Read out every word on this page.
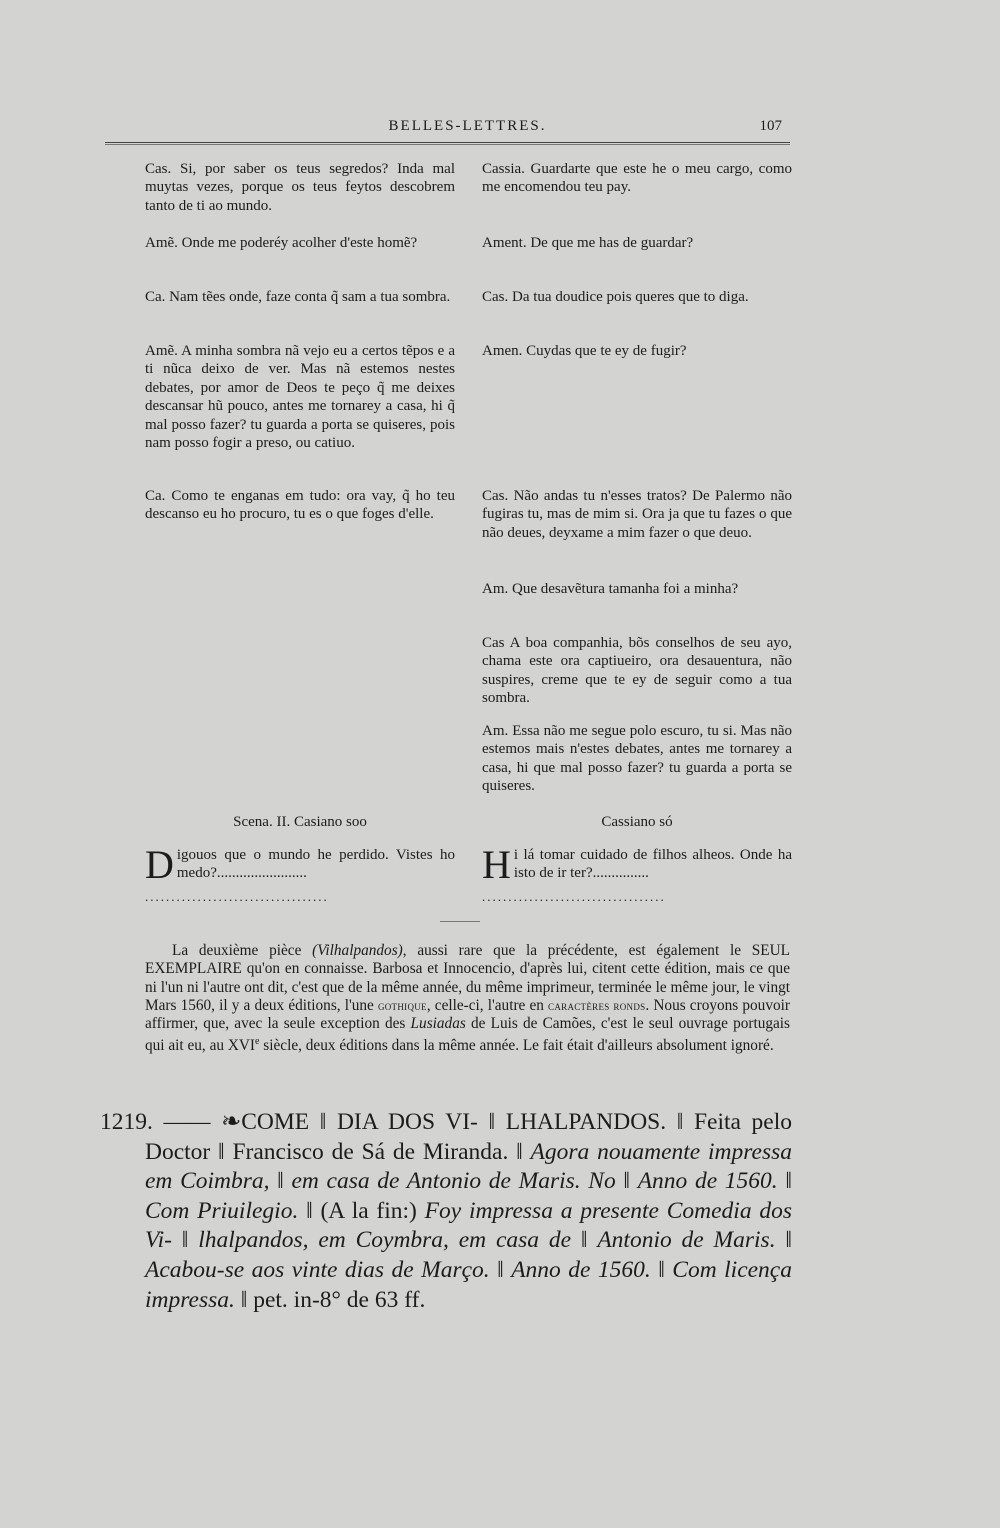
BELLES-LETTRES.	107

Cas. Si, por saber os teus segredos? Inda mal muytas vezes, porque os teus feytos descobrem tanto de ti ao mundo.

Amẽ. Onde me poderéy acolher d'este homẽ?

Ca. Nam tẽes onde, faze conta q̃ sam a tua sombra.

Amẽ. A minha sombra nã vejo eu a certos tẽpos e a ti nũca deixo de ver. Mas nã estemos nestes debates, por amor de Deos te peço q̃ me deixes descansar hũ pouco, antes me tornarey a casa, hi q̃ mal posso fazer? tu guarda a porta se quiseres, pois nam posso fogir a preso, ou catiuo.

Ca. Como te enganas em tudo: ora vay, q̃ ho teu descanso eu ho procuro, tu es o que foges d'elle.

Scena. II. Casiano soo
Digouos que o mundo he perdido. Vistes ho medo?........................
...................................

Cassia. Guardarte que este he o meu cargo, como me encomendou teu pay.

Ament. De que me has de guardar?

Cas. Da tua doudice pois queres que to diga.

Amen. Cuydas que te ey de fugir?

Cas. Não andas tu n'esses tratos? De Palermo não fugiras tu, mas de mim si. Ora ja que tu fazes o que não deues, deyxame a mim fazer o que deuo.

Am. Que desavẽtura tamanha foi a minha?

Cas A boa companhia, bõs conselhos de seu ayo, chama este ora captiueiro, ora desauentura, não suspires, creme que te ey de seguir como a tua sombra.

Am. Essa não me segue polo escuro, tu si. Mas não estemos mais n'estes debates, antes me tornarey a casa, hi que mal posso fazer? tu guarda a porta se quiseres.

Cassiano só
Hi lá tomar cuidado de filhos alheos. Onde ha isto de ir ter?...............
...................................

La deuxième pièce (Vilhalpandos), aussi rare que la précédente, est également le SEUL EXEMPLAIRE qu'on en connaisse. Barbosa et Innocencio, d'après lui, citent cette édition, mais ce que ni l'un ni l'autre ont dit, c'est que de la même année, du même imprimeur, terminée le même jour, le vingt Mars 1560, il y a deux éditions, l'une gothique, celle-ci, l'autre en caractères ronds. Nous croyons pouvoir affirmer, que, avec la seule exception des Lusiadas de Luis de Camões, c'est le seul ouvrage portugais qui ait eu, au XVIe siècle, deux éditions dans la même année. Le fait était d'ailleurs absolument ignoré.

1219. —— ❧COME ‖ DIA DOS VI- ‖ LHALPANDOS. ‖ Feita pelo Doctor ‖ Francisco de Sá de Miranda. ‖ Agora nouamente impressa em Coimbra, ‖ em casa de Antonio de Maris. No ‖ Anno de 1560. ‖ Com Priuilegio. ‖ (A la fin:) Foy impressa a presente Comedia dos Vi- ‖ lhalpandos, em Coymbra, em casa de ‖ Antonio de Maris. ‖ Acabou-se aos vinte dias de Março. ‖ Anno de 1560. ‖ Com licença impressa. ‖ pet. in-8° de 63 ff.
